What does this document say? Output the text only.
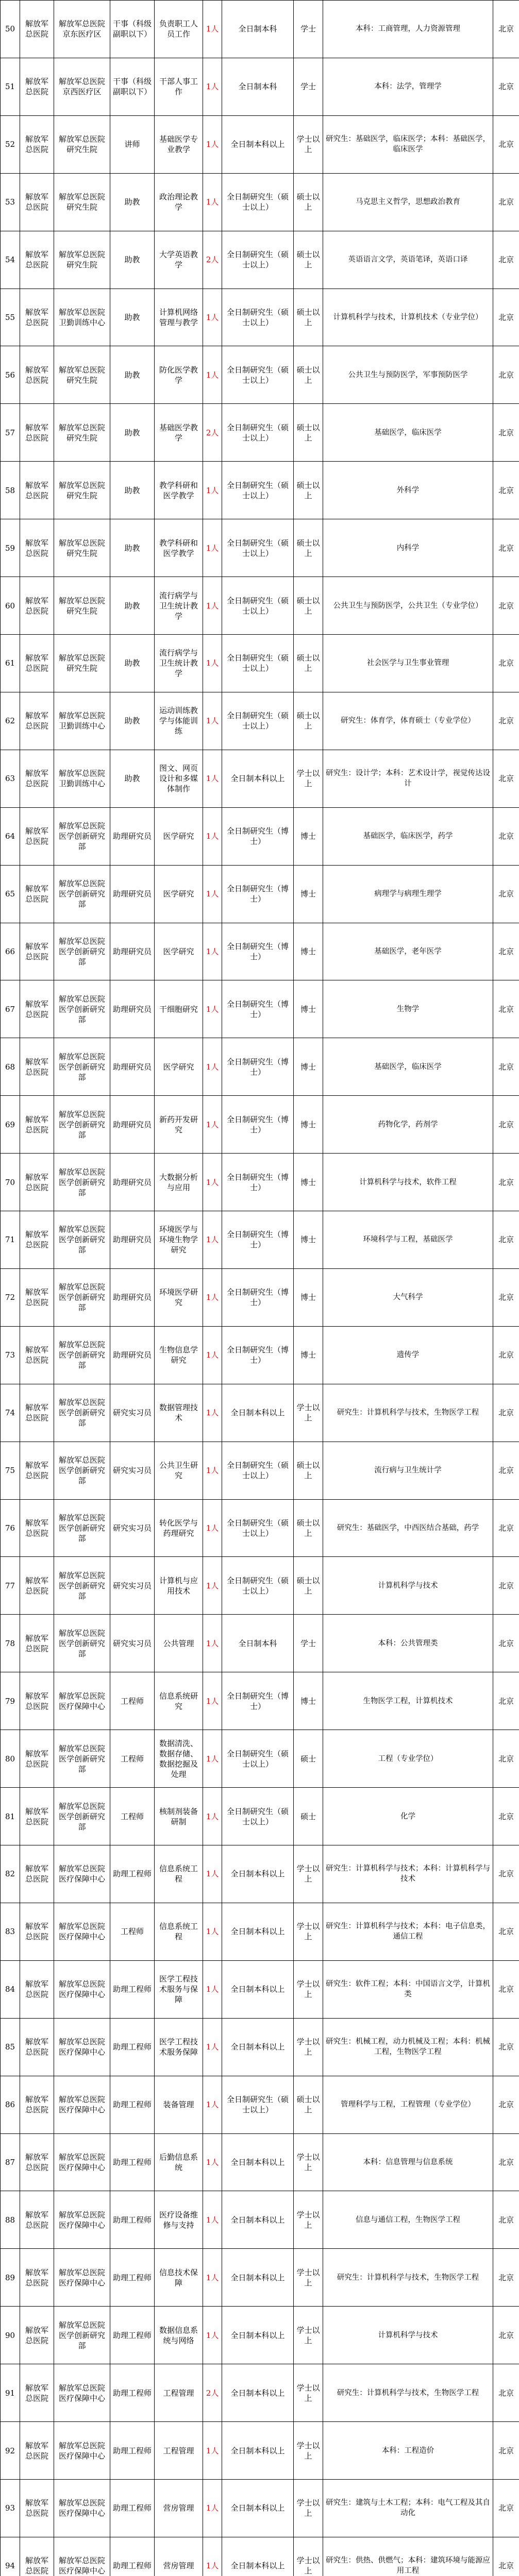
50	解放军总医院	解放军总医院京东医疗区	干事（科级副职以下）	负责职工人员工作	1人	全日制本科	学士	本科：工商管理，人力资源管理	北京
51	解放军总医院	解放军总医院京西医疗区	干事（科级副职以下）	干部人事工作	1人	全日制本科	学士	本科：法学，管理学	北京
52	解放军总医院	解放军总医院研究生院	讲师	基础医学专业教学	1人	全日制本科以上	学士以上	研究生：基础医学，临床医学；本科：基础医学，临床医学	北京
53	解放军总医院	解放军总医院研究生院	助教	政治理论教学	1人	全日制研究生（硕士以上）	硕士以上	马克思主义哲学，思想政治教育	北京
54	解放军总医院	解放军总医院研究生院	助教	大学英语教学	2人	全日制研究生（硕士以上）	硕士以上	英语语言文学，英语笔译，英语口译	北京
55	解放军总医院	解放军总医院卫勤训练中心	助教	计算机网络管理与教学	1人	全日制研究生（硕士以上）	硕士以上	计算机科学与技术，计算机技术（专业学位）	北京
56	解放军总医院	解放军总医院研究生院	助教	防化医学教学	1人	全日制研究生（硕士以上）	硕士以上	公共卫生与预防医学，军事预防医学	北京
57	解放军总医院	解放军总医院研究生院	助教	基础医学教学	2人	全日制研究生（硕士以上）	硕士以上	基础医学，临床医学	北京
58	解放军总医院	解放军总医院研究生院	助教	教学科研和医学教学	1人	全日制研究生（硕士以上）	硕士以上	外科学	北京
59	解放军总医院	解放军总医院研究生院	助教	教学科研和医学教学	1人	全日制研究生（硕士以上）	硕士以上	内科学	北京
60	解放军总医院	解放军总医院研究生院	助教	流行病学与卫生统计教学	1人	全日制研究生（硕士以上）	硕士以上	公共卫生与预防医学，公共卫生（专业学位）	北京
61	解放军总医院	解放军总医院研究生院	助教	流行病学与卫生统计教学	1人	全日制研究生（硕士以上）	硕士以上	社会医学与卫生事业管理	北京
62	解放军总医院	解放军总医院卫勤训练中心	助教	运动训练教学与体能训练	1人	全日制研究生（硕士以上）	硕士以上	研究生：体育学，体育硕士（专业学位）	北京
63	解放军总医院	解放军总医院卫勤训练中心	助教	图文、网页设计和多媒体制作	1人	全日制本科以上	学士以上	研究生：设计学；本科：艺术设计学，视觉传达设计	北京
64	解放军总医院	解放军总医院医学创新研究部	助理研究员	医学研究	1人	全日制研究生（博士）	博士	基础医学，临床医学，药学	北京
65	解放军总医院	解放军总医院医学创新研究部	助理研究员	医学研究	1人	全日制研究生（博士）	博士	病理学与病理生理学	北京
66	解放军总医院	解放军总医院医学创新研究部	助理研究员	医学研究	1人	全日制研究生（博士）	博士	基础医学，老年医学	北京
67	解放军总医院	解放军总医院医学创新研究部	助理研究员	干细胞研究	1人	全日制研究生（博士）	博士	生物学	北京
68	解放军总医院	解放军总医院医学创新研究部	助理研究员	医学研究	1人	全日制研究生（博士）	博士	基础医学，临床医学	北京
69	解放军总医院	解放军总医院医学创新研究部	助理研究员	新药开发研究	1人	全日制研究生（博士）	博士	药物化学，药剂学	北京
70	解放军总医院	解放军总医院医学创新研究部	助理研究员	大数据分析与应用	1人	全日制研究生（博士）	博士	计算机科学与技术，软件工程	北京
71	解放军总医院	解放军总医院医学创新研究部	助理研究员	环境医学与环境生物学研究	1人	全日制研究生（博士）	博士	环境科学与工程，基础医学	北京
72	解放军总医院	解放军总医院医学创新研究部	助理研究员	环境医学研究	1人	全日制研究生（博士）	博士	大气科学	北京
73	解放军总医院	解放军总医院医学创新研究部	助理研究员	生物信息学研究	1人	全日制研究生（博士）	博士	遗传学	北京
74	解放军总医院	解放军总医院医学创新研究部	研究实习员	数据管理技术	1人	全日制本科以上	学士以上	研究生：计算机科学与技术，生物医学工程	北京
75	解放军总医院	解放军总医院医学创新研究部	研究实习员	公共卫生研究	1人	全日制研究生（硕士以上）	硕士以上	流行病与卫生统计学	北京
76	解放军总医院	解放军总医院医学创新研究部	研究实习员	转化医学与药理研究	1人	全日制研究生（硕士以上）	硕士以上	研究生：基础医学，中西医结合基础，药学	北京
77	解放军总医院	解放军总医院医学创新研究部	研究实习员	计算机与应用技术	1人	全日制研究生（硕士以上）	硕士以上	计算机科学与技术	北京
78	解放军总医院	解放军总医院医学创新研究部	研究实习员	公共管理	1人	全日制本科	学士	本科：公共管理类	北京
79	解放军总医院	解放军总医院医疗保障中心	工程师	信息系统研究	1人	全日制研究生（博士）	博士	生物医学工程，计算机技术	北京
80	解放军总医院	解放军总医院医学创新研究部	工程师	数据清洗、数据存储、数据挖掘及处理	1人	全日制研究生（硕士以上）	硕士	工程（专业学位）	北京
81	解放军总医院	解放军总医院医学创新研究部	工程师	核制剂装备研制	1人	全日制研究生（硕士以上）	硕士	化学	北京
82	解放军总医院	解放军总医院医疗保障中心	助理工程师	信息系统工程	1人	全日制本科以上	学士以上	研究生：计算机科学与技术；本科：计算机科学与技术	北京
83	解放军总医院	解放军总医院医疗保障中心	工程师	信息系统工程	1人	全日制本科以上	学士以上	研究生：计算机科学与技术；本科：电子信息类，通信工程	北京
84	解放军总医院	解放军总医院医疗保障中心	助理工程师	医学工程技术服务与保障	1人	全日制本科以上	学士以上	研究生：软件工程；本科：中国语言文学，计算机类	北京
85	解放军总医院	解放军总医院医疗保障中心	助理工程师	医学工程技术服务保障	1人	全日制本科以上	学士以上	研究生：机械工程，动力机械及工程；本科：机械工程，生物医学工程	北京
86	解放军总医院	解放军总医院医疗保障中心	助理工程师	装备管理	1人	全日制研究生（硕士以上）	硕士以上	管理科学与工程，工程管理（专业学位）	北京
87	解放军总医院	解放军总医院医疗保障中心	助理工程师	后勤信息系统	1人	全日制本科以上	学士以上	本科：信息管理与信息系统	北京
88	解放军总医院	解放军总医院医疗保障中心	助理工程师	医疗设备维修与支持	1人	全日制本科以上	学士以上	信息与通信工程，生物医学工程	北京
89	解放军总医院	解放军总医院医疗保障中心	助理工程师	信息技术保障	1人	全日制本科以上	学士以上	研究生：计算机科学与技术，生物医学工程	北京
90	解放军总医院	解放军总医院医学创新研究部	助理工程师	数据信息系统与网络	1人	全日制本科以上	学士以上	计算机科学与技术	北京
91	解放军总医院	解放军总医院医疗保障中心	助理工程师	工程管理	2人	全日制本科以上	学士以上	研究生：计算机科学与技术，生物医学工程	北京
92	解放军总医院	解放军总医院医疗保障中心	助理工程师	工程管理	1人	全日制本科以上	学士以上	本科：工程造价	北京
93	解放军总医院	解放军总医院医疗保障中心	助理工程师	营房管理	1人	全日制本科以上	学士以上	研究生：建筑与土木工程；本科：电气工程及其自动化	北京
94	解放军总医院	解放军总医院医疗保障中心	助理工程师	营房管理	1人	全日制本科以上	学士以上	研究生：供热、供燃气；本科：建筑环境与能源应用工程	北京
